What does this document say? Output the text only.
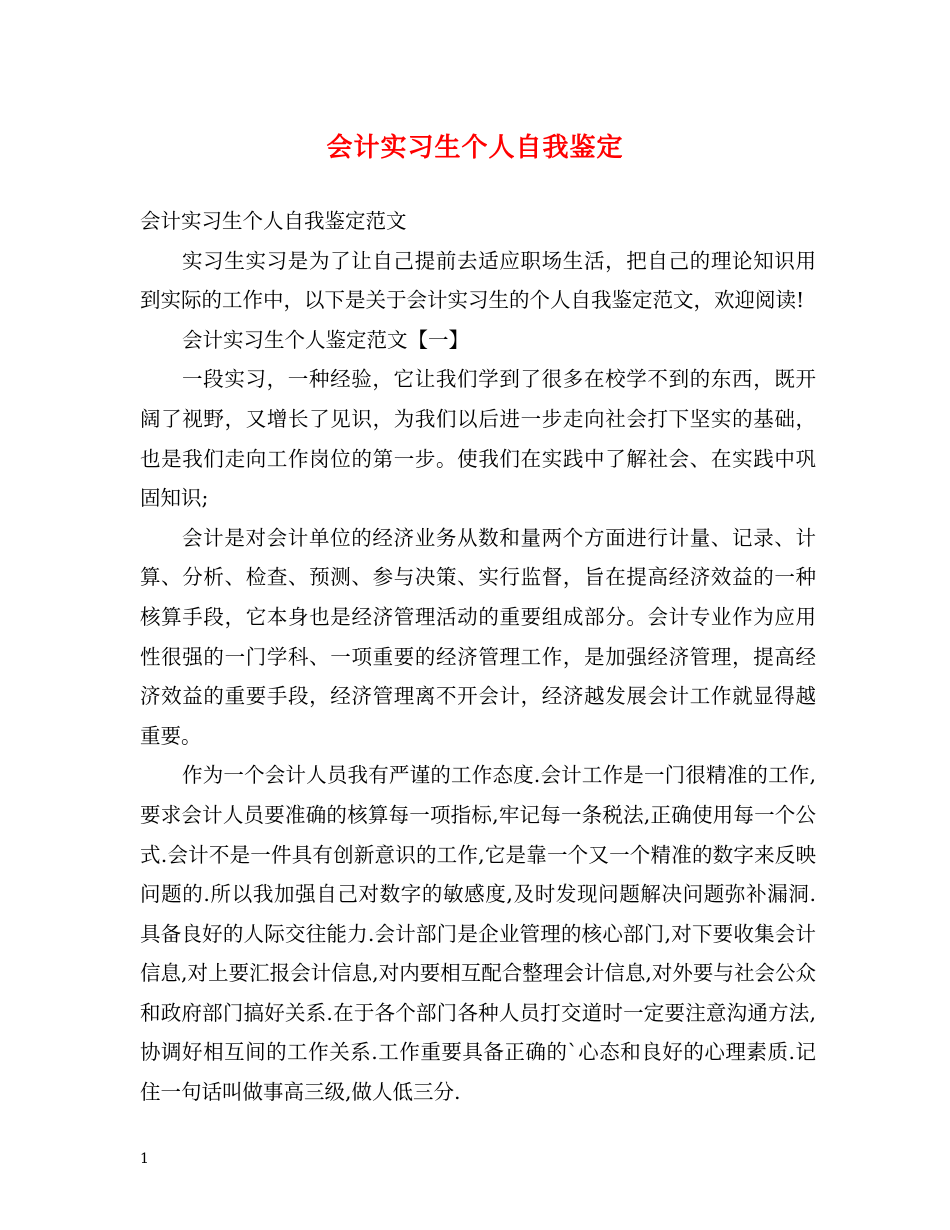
会计实习生个人自我鉴定

会计实习生个人自我鉴定范文

实习生实习是为了让自己提前去适应职场生活，把自己的理论知识用到实际的工作中，以下是关于会计实习生的个人自我鉴定范文，欢迎阅读!

会计实习生个人鉴定范文【一】

一段实习，一种经验，它让我们学到了很多在校学不到的东西，既开阔了视野，又增长了见识，为我们以后进一步走向社会打下坚实的基础，也是我们走向工作岗位的第一步。使我们在实践中了解社会、在实践中巩固知识;

会计是对会计单位的经济业务从数和量两个方面进行计量、记录、计算、分析、检查、预测、参与决策、实行监督，旨在提高经济效益的一种核算手段，它本身也是经济管理活动的重要组成部分。会计专业作为应用性很强的一门学科、一项重要的经济管理工作，是加强经济管理，提高经济效益的重要手段，经济管理离不开会计，经济越发展会计工作就显得越重要。

作为一个会计人员我有严谨的工作态度.会计工作是一门很精准的工作,要求会计人员要准确的核算每一项指标,牢记每一条税法,正确使用每一个公式.会计不是一件具有创新意识的工作,它是靠一个又一个精准的数字来反映问题的.所以我加强自己对数字的敏感度,及时发现问题解决问题弥补漏洞. 具备良好的人际交往能力.会计部门是企业管理的核心部门,对下要收集会计信息,对上要汇报会计信息,对内要相互配合整理会计信息,对外要与社会公众和政府部门搞好关系.在于各个部门各种人员打交道时一定要注意沟通方法,协调好相互间的工作关系.工作重要具备正确的`心态和良好的心理素质.记住一句话叫做事高三级,做人低三分.

1
